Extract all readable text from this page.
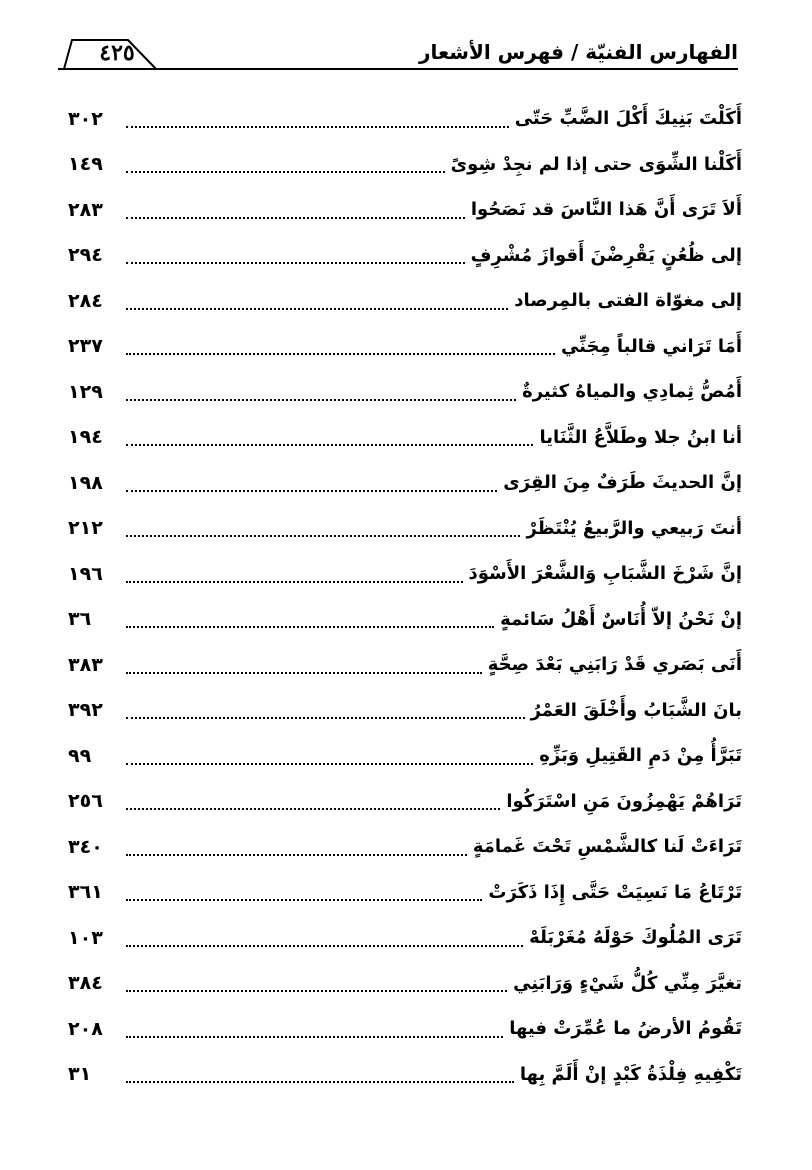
٤٢٥	الفهارس الفنيّة / فهرس الأشعار
٣٠٢	أَكَلْتَ بَنِيكَ أَكْلَ الضَّبِّ حَتّى
١٤٩	أَكَلْنا الشِّوَى حتى إذا لم نجِدْ شِوىً
٢٨٣	أَلاَ تَرَى أَنَّ هَذا النَّاسَ قد نَصَحُوا
٢٩٤	إلى ظُعُنٍ يَقْرِضْنَ أَقوازَ مُشْرِفٍ
٢٨٤	إلى مغوّاة الفتى بالمِرصاد
٢٣٧	أَمَا تَرَاني قالباً مِجَنِّي
١٢٩	أَمُصُّ ثِمادِي والمياهُ كثيرةٌ
١٩٤	أنا ابنُ جلا وطَلاَّعُ الثَّنَايا
١٩٨	إنَّ الحديثَ طَرَفٌ مِنَ القِرَى
٢١٢	أنتَ رَبيعي والرَّبيعُ يُنْتَظَرْ
١٩٦	إنَّ شَرْخَ الشَّبَابِ وَالشَّعْرَ الأَسْوَدَ
٣٦	إنْ نَحْنُ إلاّ أُنَاسٌ أَهْلُ سَائمةٍ
٣٨٣	أَنَى بَصَري قَدْ رَابَنِي بَعْدَ صِحَّةٍ
٣٩٢	بانَ الشَّبَابُ وأَخْلَقَ العَمْرُ
٩٩	تَبَرَّأُ مِنْ دَمِ القَتِيلِ وَبَزِّهِ
٢٥٦	تَرَاهُمْ يَهْمِزُونَ مَنِ اسْتَرَكُوا
٣٤٠	تَرَاءَتْ لَنا كالشَّمْسِ تَحْتَ غَمامَةٍ
٣٦١	تَرْتَاعُ مَا نَسِيَتْ حَتَّى إِذَا ذَكَرَتْ
١٠٣	تَرَى المُلُوكَ حَوْلَهُ مُغَرْبَلَهْ
٣٨٤	تغيَّرَ مِنِّي كُلُّ شَيْءٍ وَرَابَنِي
٢٠٨	تَقُومُ الأرضُ ما عُمِّرَتْ فيها
٣١	تَكْفِيهِ فِلْذَةُ كَبْدٍ إنْ أَلَمَّ بِها
